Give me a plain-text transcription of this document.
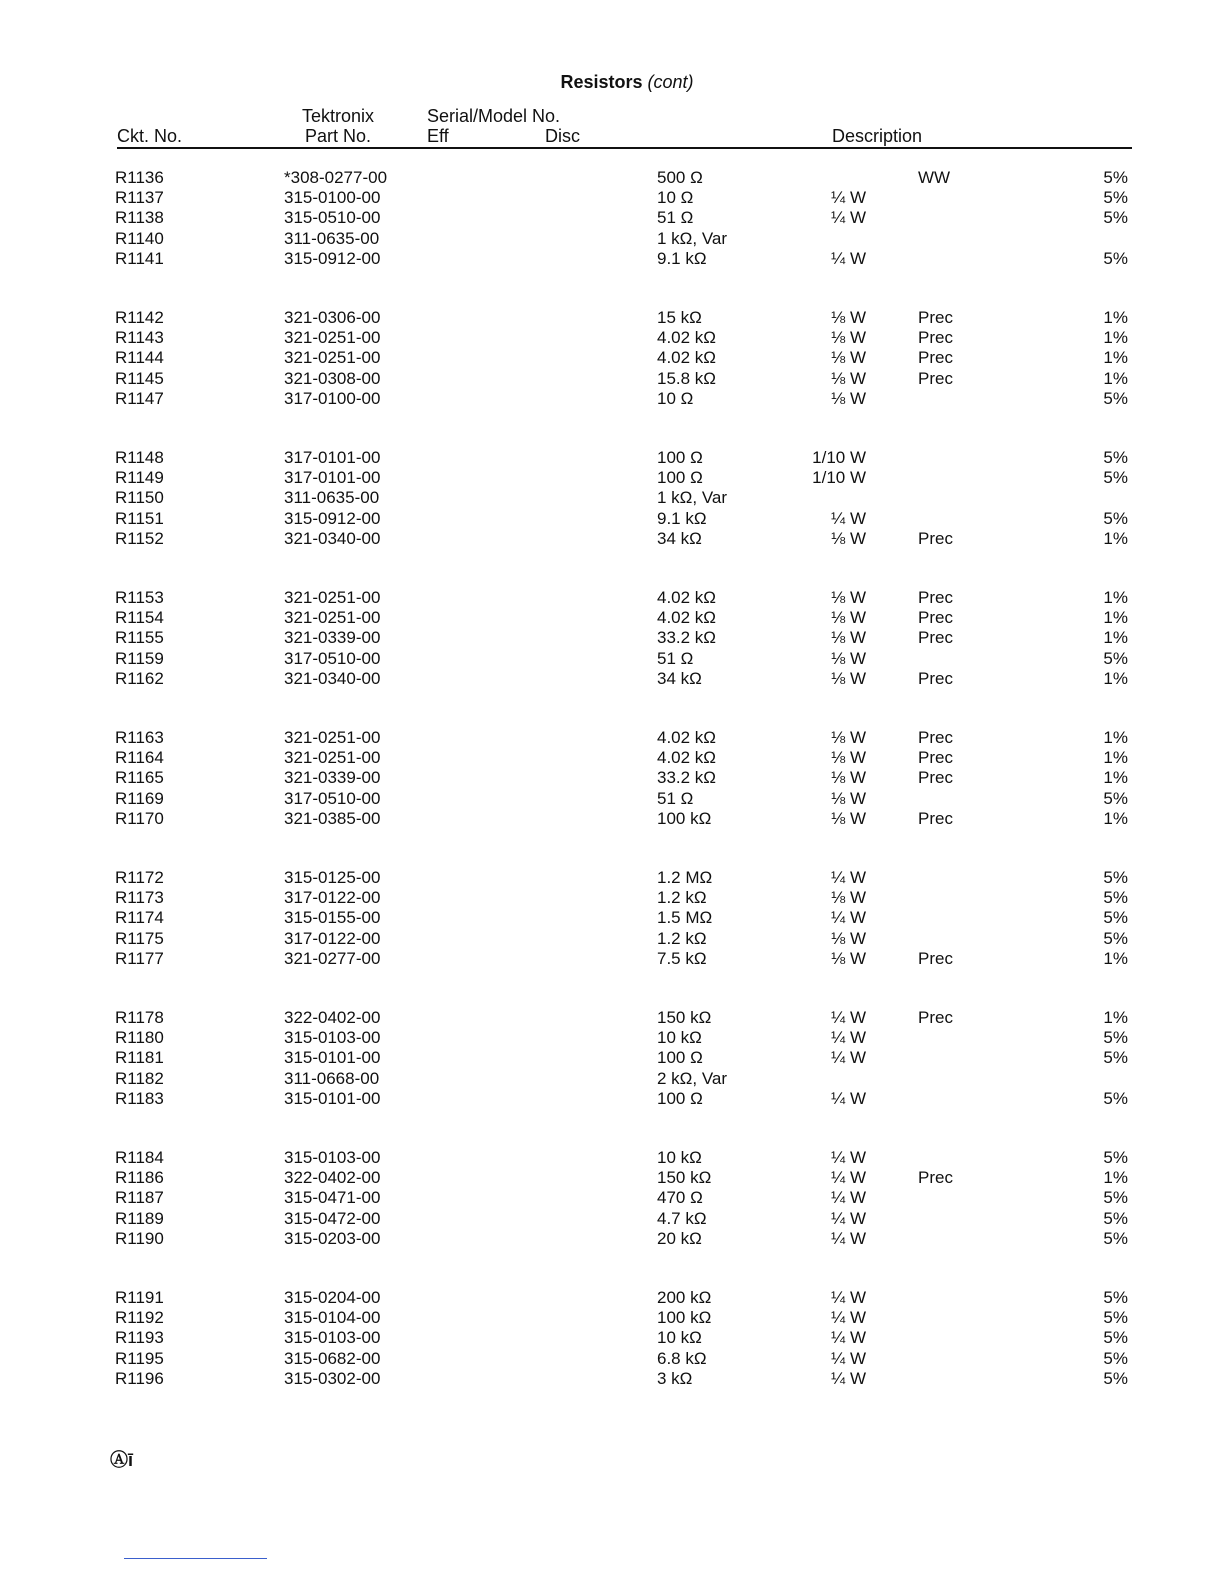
Resistors (cont)
Ckt. No.
Tektronix
Part No.
Serial/Model No.
Eff	Disc	Description
R1136	*308-0277-00	500 Ω	WW	5%
R1137	315-0100-00	10 Ω	¼ W	5%
R1138	315-0510-00	51 Ω	¼ W	5%
R1140	311-0635-00	1 kΩ, Var
R1141	315-0912-00	9.1 kΩ	¼ W	5%
R1142	321-0306-00	15 kΩ	⅛ W	Prec	1%
R1143	321-0251-00	4.02 kΩ	⅛ W	Prec	1%
R1144	321-0251-00	4.02 kΩ	⅛ W	Prec	1%
R1145	321-0308-00	15.8 kΩ	⅛ W	Prec	1%
R1147	317-0100-00	10 Ω	⅛ W	5%
R1148	317-0101-00	100 Ω	1/10 W	5%
R1149	317-0101-00	100 Ω	1/10 W	5%
R1150	311-0635-00	1 kΩ, Var
R1151	315-0912-00	9.1 kΩ	¼ W	5%
R1152	321-0340-00	34 kΩ	⅛ W	Prec	1%
R1153	321-0251-00	4.02 kΩ	⅛ W	Prec	1%
R1154	321-0251-00	4.02 kΩ	⅛ W	Prec	1%
R1155	321-0339-00	33.2 kΩ	⅛ W	Prec	1%
R1159	317-0510-00	51 Ω	⅛ W	5%
R1162	321-0340-00	34 kΩ	⅛ W	Prec	1%
R1163	321-0251-00	4.02 kΩ	⅛ W	Prec	1%
R1164	321-0251-00	4.02 kΩ	⅛ W	Prec	1%
R1165	321-0339-00	33.2 kΩ	⅛ W	Prec	1%
R1169	317-0510-00	51 Ω	⅛ W	5%
R1170	321-0385-00	100 kΩ	⅛ W	Prec	1%
R1172	315-0125-00	1.2 MΩ	¼ W	5%
R1173	317-0122-00	1.2 kΩ	⅛ W	5%
R1174	315-0155-00	1.5 MΩ	¼ W	5%
R1175	317-0122-00	1.2 kΩ	⅛ W	5%
R1177	321-0277-00	7.5 kΩ	⅛ W	Prec	1%
R1178	322-0402-00	150 kΩ	¼ W	Prec	1%
R1180	315-0103-00	10 kΩ	¼ W	5%
R1181	315-0101-00	100 Ω	¼ W	5%
R1182	311-0668-00	2 kΩ, Var
R1183	315-0101-00	100 Ω	¼ W	5%
R1184	315-0103-00	10 kΩ	¼ W	5%
R1186	322-0402-00	150 kΩ	¼ W	Prec	1%
R1187	315-0471-00	470 Ω	¼ W	5%
R1189	315-0472-00	4.7 kΩ	¼ W	5%
R1190	315-0203-00	20 kΩ	¼ W	5%
R1191	315-0204-00	200 kΩ	¼ W	5%
R1192	315-0104-00	100 kΩ	¼ W	5%
R1193	315-0103-00	10 kΩ	¼ W	5%
R1195	315-0682-00	6.8 kΩ	¼ W	5%
R1196	315-0302-00	3 kΩ	¼ W	5%
Ⓐī
